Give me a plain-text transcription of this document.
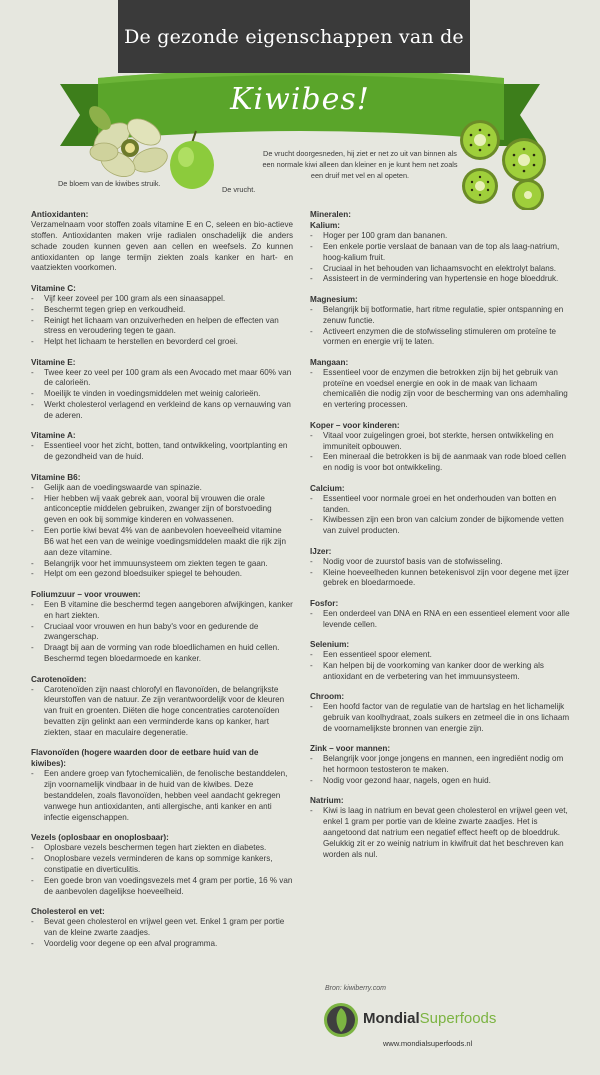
De gezonde eigenschappen van de
Kiwibes!
De bloem van de kiwibes struik.
De vrucht.
De vrucht doorgesneden, hij ziet er net zo uit van binnen als een normale kiwi alleen dan kleiner en je kunt hem net zoals een druif met vel en al opeten.
Antioxidanten:

Verzamelnaam voor stoffen zoals vitamine E en C, seleen en bio-actieve stoffen. Antioxidanten maken vrije radialen onschadelijk die anders schade zouden kunnen geven aan cellen en weefsels. Zo kunnen antioxidanten op lange termijn ziekten zoals kanker en hart- en vaatziekten voorkomen.

Vitamine C:
- Vijf keer zoveel per 100 gram als een sinaasappel.
- Beschermt tegen griep en verkoudheid.
- Reinigt het lichaam van onzuiverheden en helpen de effecten van stress en veroudering tegen te gaan.
- Helpt het lichaam te herstellen en bevorderd cel groei.
Vitamine E:
- Twee keer zo veel per 100 gram als een Avocado met maar 60% van de calorieën.
- Moeilijk te vinden in voedingsmiddelen met weinig calorieën.
- Werkt cholesterol verlagend en verkleind de kans op vernauwing van de aderen.
Vitamine A:
- Essentieel voor het zicht, botten, tand ontwikkeling, voortplanting en de gezondheid van de huid.
Vitamine B6:
- Gelijk aan de voedingswaarde van spinazie.
- Hier hebben wij vaak gebrek aan, vooral bij vrouwen die orale anticonceptie middelen gebruiken, zwanger zijn of borstvoeding geven en ook bij sommige kinderen en volwassenen.
- Een portie kiwi bevat 4% van de aanbevolen hoeveelheid vitamine B6 wat het een van de weinige voedingsmiddelen maakt die rijk zijn aan deze vitamine.
- Belangrijk voor het immuunsysteem om ziekten tegen te gaan.
- Helpt om een gezond bloedsuiker spiegel te behouden.
Foliumzuur – voor vrouwen:
- Een B vitamine die beschermd tegen aangeboren afwijkingen, kanker en hart ziekten.
- Cruciaal voor vrouwen en hun baby's voor en gedurende de zwangerschap.
- Draagt bij aan de vorming van rode bloedlichamen en huid cellen. Beschermd tegen bloedarmoede en kanker.
Carotenoïden:
- Carotenoïden zijn naast chlorofyl en flavonoïden, de belangrijkste kleurstoffen van de natuur. Ze zijn verantwoordelijk voor de kleuren van fruit en groenten. Diëten die hoge concentraties carotenoïden bevatten zijn gelinkt aan een verminderde kans op kanker, hart ziekten, staar en maculaire degeneratie.
Flavonoïden (hogere waarden door de eetbare huid van de kiwibes):
- Een andere groep van fytochemicaliën, de fenolische bestanddelen, zijn voornamelijk vindbaar in de huid van de kiwibes. Deze bestanddelen, zoals flavonoïden, hebben veel aandacht gekregen vanwege hun antioxidanten, anti allergische, anti kanker en anti infectie eigenschappen.
Vezels (oplosbaar en onoplosbaar):
- Oplosbare vezels beschermen tegen hart ziekten en diabetes.
- Onoplosbare vezels verminderen de kans op sommige kankers, constipatie en diverticulitis.
- Een goede bron van voedingsvezels met 4 gram per portie, 16 % van de aanbevolen dagelijkse hoeveelheid.
Cholesterol en vet:
- Bevat geen cholesterol en vrijwel geen vet. Enkel 1 gram per portie van de kleine zwarte zaadjes.
- Voordelig voor degene op een afval programma.
Mineralen:
Kalium:
- Hoger per 100 gram dan bananen.
- Een enkele portie verslaat de banaan van de top als laag-natrium, hoog-kalium fruit.
- Cruciaal in het behouden van lichaamsvocht en elektrolyt balans.
- Assisteert in de vermindering van hypertensie en hoge bloeddruk.
Magnesium:
- Belangrijk bij botformatie, hart ritme regulatie, spier ontspanning en zenuw functie.
- Activeert enzymen die de stofwisseling stimuleren om proteïne te vormen en energie vrij te laten.
Mangaan:
- Essentieel voor de enzymen die betrokken zijn bij het gebruik van proteïne en voedsel energie en ook in de maak van lichaam chemicaliën die nodig zijn voor de bescherming van ons ademhaling en vertering processen.
Koper – voor kinderen:
- Vitaal voor zuigelingen groei, bot sterkte, hersen ontwikkeling en immuniteit opbouwen.
- Een mineraal die betrokken is bij de aanmaak van rode bloed cellen en nodig is voor bot ontwikkeling.
Calcium:
- Essentieel voor normale groei en het onderhouden van botten en tanden.
- Kiwibessen zijn een bron van calcium zonder de bijkomende vetten van zuivel producten.
IJzer:
- Nodig voor de zuurstof basis van de stofwisseling.
- Kleine hoeveelheden kunnen betekenisvol zijn voor degene met ijzer gebrek en bloedarmoede.
Fosfor:
- Een onderdeel van DNA en RNA en een essentieel element voor alle levende cellen.
Selenium:
- Een essentieel spoor element.
- Kan helpen bij de voorkoming van kanker door de werking als antioxidant en de verbetering van het immuunsysteem.
Chroom:
- Een hoofd factor van de regulatie van de hartslag en het lichamelijk gebruik van koolhydraat, zoals suikers en zetmeel die in ons lichaam de voornamelijkste bronnen van energie zijn.
Zink – voor mannen:
- Belangrijk voor jonge jongens en mannen, een ingrediënt nodig om het hormoon testosteron te maken.
- Nodig voor gezond haar, nagels, ogen en huid.
Natrium:
- Kiwi is laag in natrium en bevat geen cholesterol en vrijwel geen vet, enkel 1 gram per portie van de kleine zwarte zaadjes. Het is aangetoond dat natrium een negatief effect heeft op de bloeddruk. Gelukkig zit er zo weinig natrium in kiwifruit dat het beschreven kan worden als nul.
Bron: kiwiberry.com
MondialSuperfoods
www.mondialsuperfoods.nl
